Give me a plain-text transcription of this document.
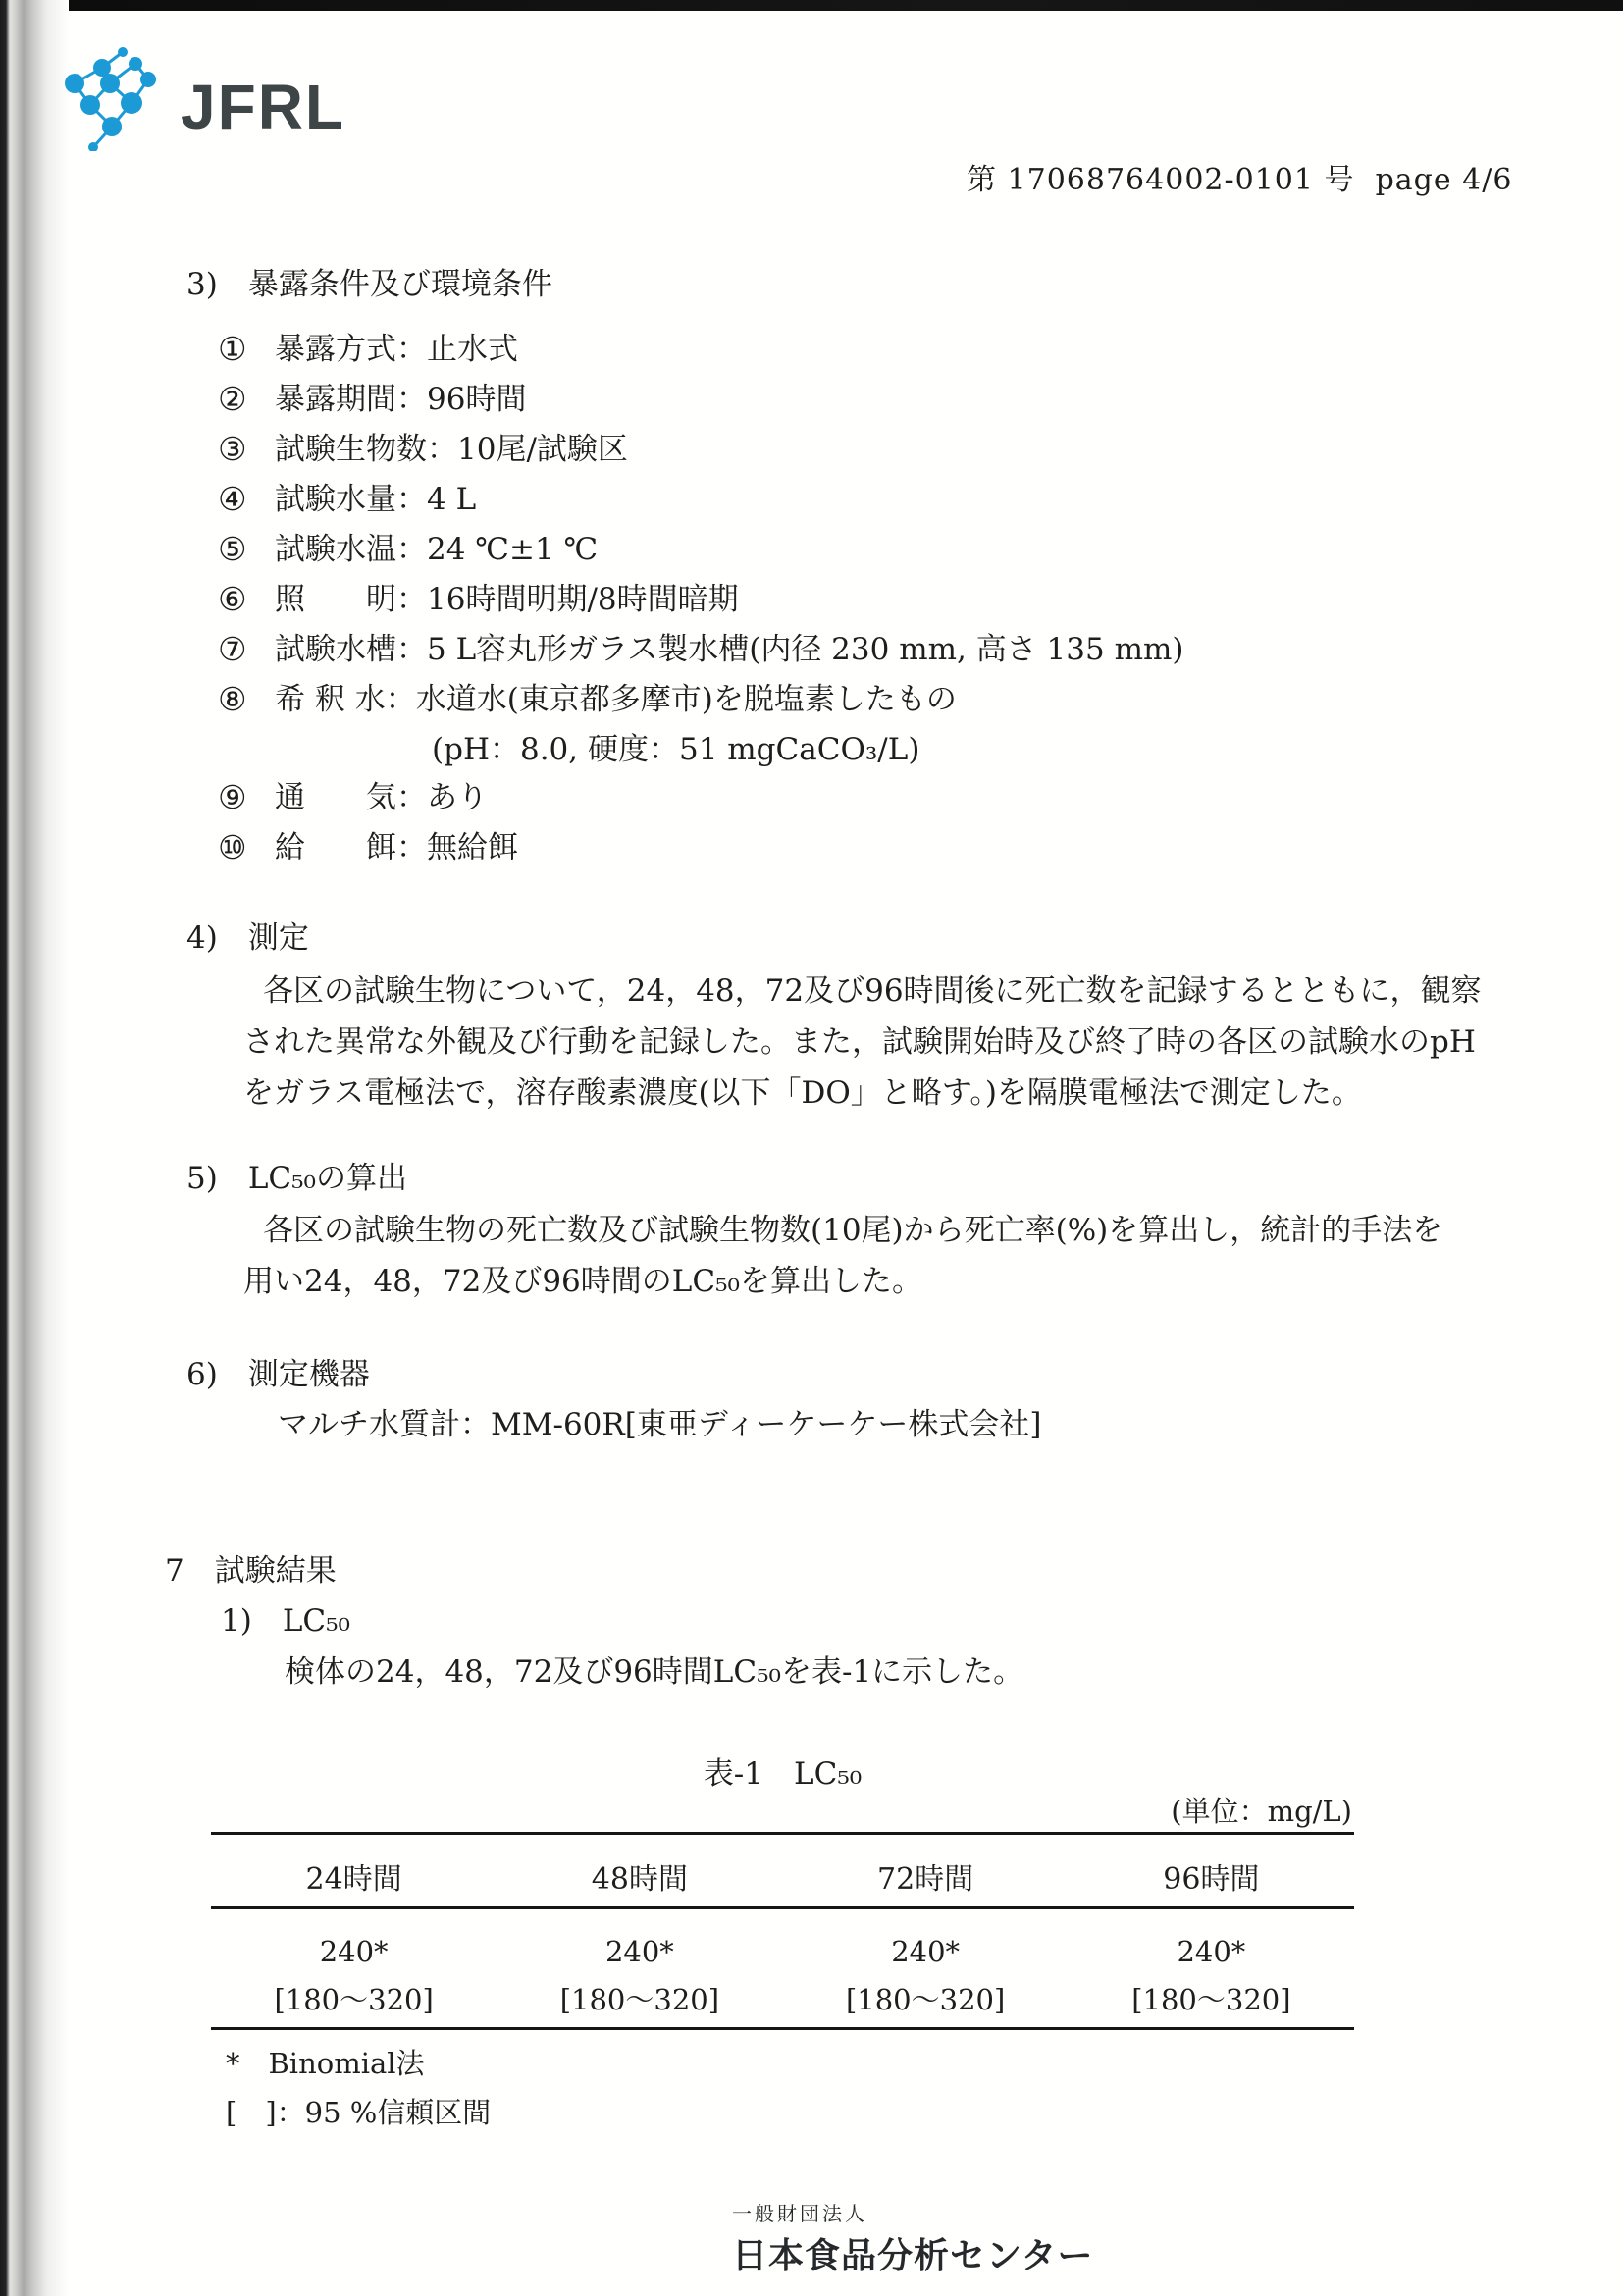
JFRL
第 17068764002-0101 号  page 4/6
3)　暴露条件及び環境条件
① 暴露方式：止水式
② 暴露期間：96時間
③ 試験生物数：10尾/試験区
④ 試験水量：4 L
⑤ 試験水温：24 ℃±1 ℃
⑥ 照　　明：16時間明期/8時間暗期
⑦ 試験水槽：5 L容丸形ガラス製水槽(内径 230 mm, 高さ 135 mm)
⑧ 希 釈 水：水道水(東京都多摩市)を脱塩素したもの
(pH：8.0, 硬度：51 mgCaCO₃/L)
⑨ 通　　気：あり
⑩ 給　　餌：無給餌
4)　測定
各区の試験生物について，24，48，72及び96時間後に死亡数を記録するとともに，観察
された異常な外観及び行動を記録した。また，試験開始時及び終了時の各区の試験水のpH
をガラス電極法で，溶存酸素濃度(以下「DO」と略す。)を隔膜電極法で測定した。
5)　LC₅₀の算出
各区の試験生物の死亡数及び試験生物数(10尾)から死亡率(%)を算出し，統計的手法を
用い24，48，72及び96時間のLC₅₀を算出した。
6)　測定機器
マルチ水質計：MM-60R[東亜ディーケーケー株式会社]
7　試験結果
1)　LC₅₀
検体の24，48，72及び96時間LC₅₀を表-1に示した。
表-1　LC₅₀
(単位：mg/L)
24時間	48時間	72時間	96時間
240*	240*	240*	240*
[180〜320]	[180〜320]	[180〜320]	[180〜320]
*　Binomial法
[　]：95 %信頼区間
一般財団法人
日本食品分析センター
